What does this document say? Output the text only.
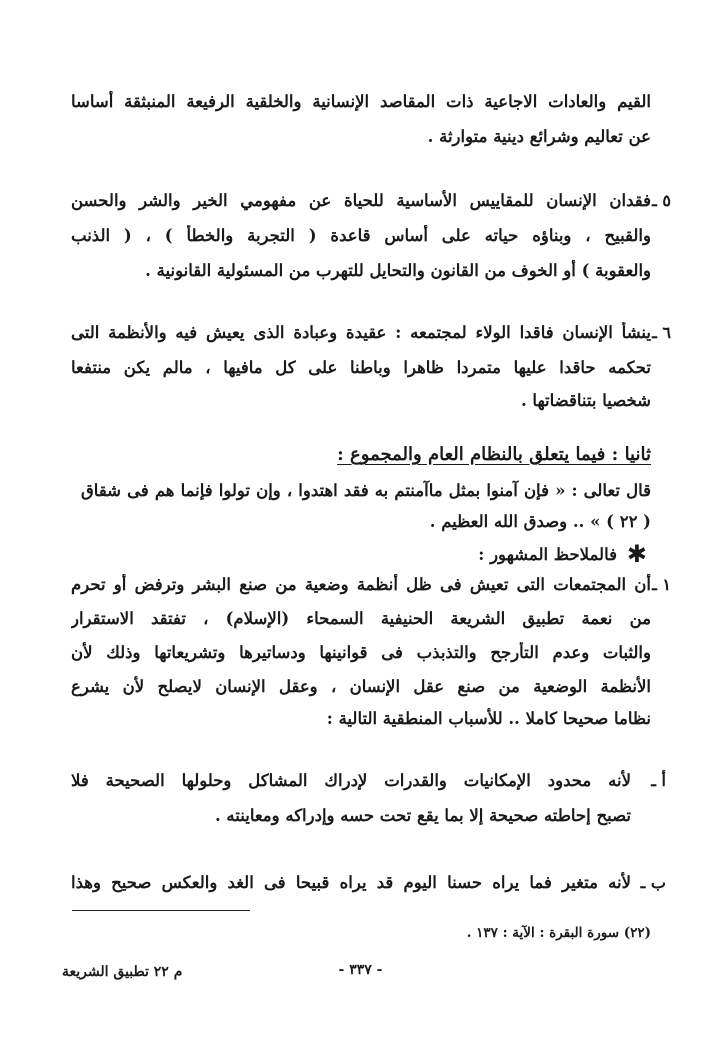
القيم والعادات الاجاعية ذات المقاصد الإنسانية والخلقية الرفيعة المنبثقة أساسا
عن تعاليم وشرائع دينية متوارثة .
٥ ـ
فقدان الإنسان للمقاييس الأساسية للحياة عن مفهومي الخير والشر والحسن
والقبيح ، وبناؤه حياته على أساس قاعدة ( التجربة والخطأ ) ، ( الذنب
والعقوبة ) أو الخوف من القانون والتحايل للتهرب من المسئولية القانونية .
٦ ـ
ينشأ الإنسان فاقدا الولاء لمجتمعه : عقيدة وعبادة الذى يعيش فيه والأنظمة التى
تحكمه حاقدا عليها متمردا ظاهرا وباطنا على كل مافيها ، مالم يكن منتفعا
شخصيا بتناقضاتها .
ثانيا : فيما يتعلق بالنظام العام والمجموع :
قال تعالى : « فإن آمنوا بمثل ماآمنتم به فقد اهتدوا ، وإن تولوا فإنما هم فى شقاق
( ٢٢ ) » .. وصدق الله العظيم .
✱
فالملاحظ المشهور :
١ ـ
أن المجتمعات التى تعيش فى ظل أنظمة وضعية من صنع البشر وترفض أو تحرم
من نعمة تطبيق الشريعة الحنيفية السمحاء (الإسلام) ، تفتقد الاستقرار
والثبات وعدم التأرجح والتذبذب فى قوانينها ودساتيرها وتشريعاتها وذلك لأن
الأنظمة الوضعية من صنع عقل الإنسان ، وعقل الإنسان لايصلح لأن يشرع
نظاما صحيحا كاملا .. للأسباب المنطقية التالية :
أ ـ
لأنه محدود الإمكانيات والقدرات لإدراك المشاكل وحلولها الصحيحة فلا
تصبح إحاطته صحيحة إلا بما يقع تحت حسه وإدراكه ومعاينته .
ب ـ
لأنه متغير فما يراه حسنا اليوم قد يراه قبيحا فى الغد والعكس صحيح وهذا
(٢٢) سورة البقرة : الآية : ١٣٧ .
- ٣٣٧ -
م ٢٢ تطبيق الشريعة
